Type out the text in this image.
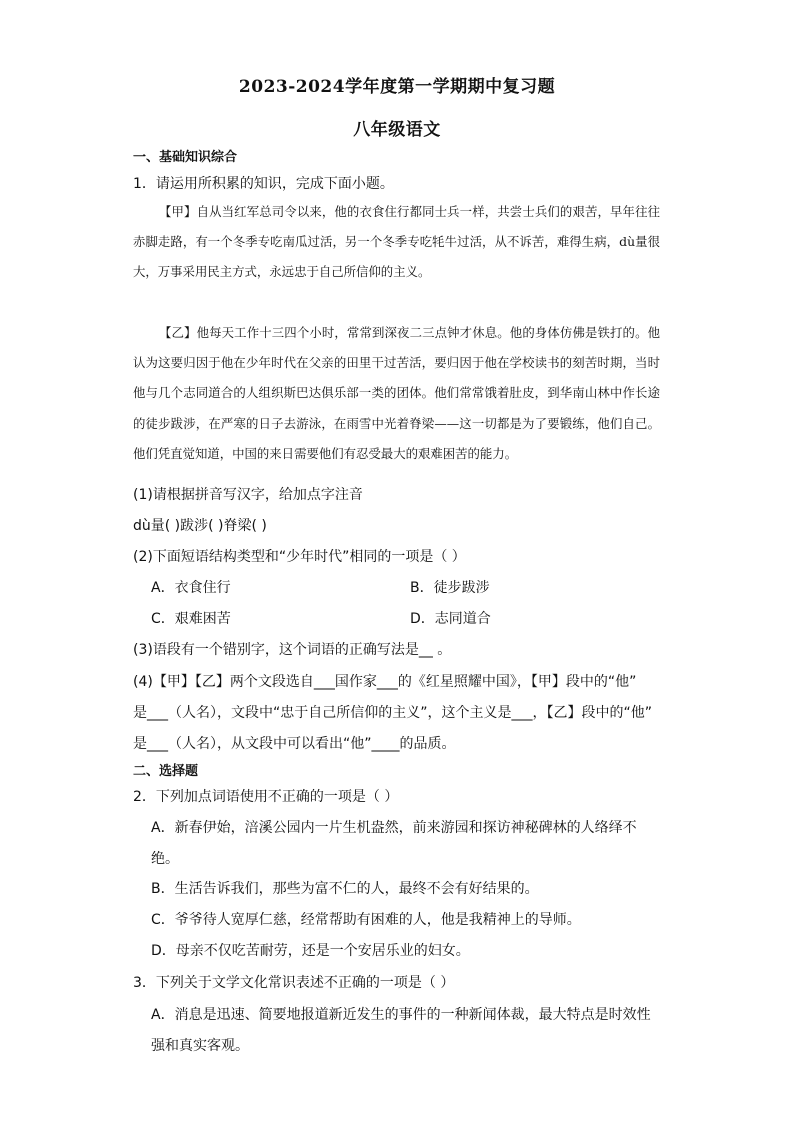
2023-2024学年度第一学期期中复习题
八年级语文
一、基础知识综合
1．请运用所积累的知识，完成下面小题。
【甲】自从当红军总司令以来，他的衣食住行都同士兵一样，共尝士兵们的艰苦，早年往往赤脚走路，有一个冬季专吃南瓜过活，另一个冬季专吃牦牛过活，从不诉苦，难得生病，dù量很大，万事采用民主方式，永远忠于自己所信仰的主义。
【乙】他每天工作十三四个小时，常常到深夜二三点钟才休息。他的身体仿佛是铁打的。他认为这要归因于他在少年时代在父亲的田里干过苦活，要归因于他在学校读书的刻苦时期，当时他与几个志同道合的人组织斯巴达俱乐部一类的团体。他们常常饿着肚皮，到华南山林中作长途的徒步跋涉，在严寒的日子去游泳，在雨雪中光着脊梁——这一切都是为了要锻练，他们自己。他们凭直觉知道，中国的来日需要他们有忍受最大的艰难困苦的能力。
(1)请根据拼音写汉字，给加点字注音
dù量( )跋涉( )脊梁( )
(2)下面短语结构类型和“少年时代”相同的一项是（ ）
A．衣食住行	B．徒步跋涉
C．艰难困苦	D．志同道合
(3)语段有一个错别字，这个词语的正确写法是__ 。
(4)【甲】【乙】两个文段选自___国作家___的《红星照耀中国》，【甲】段中的“他”
是___（人名），文段中“忠于自己所信仰的主义”，这个主义是___，【乙】段中的“他”
是___（人名），从文段中可以看出“他”____的品质。
二、选择题
2．下列加点词语使用不正确的一项是（ ）
A．新春伊始，涪溪公园内一片生机盎然，前来游园和探访神秘碑林的人络绎不
绝。
B．生活告诉我们，那些为富不仁的人，最终不会有好结果的。
C．爷爷待人宽厚仁慈，经常帮助有困难的人，他是我精神上的导师。
D．母亲不仅吃苦耐劳，还是一个安居乐业的妇女。
3．下列关于文学文化常识表述不正确的一项是（ ）
A．消息是迅速、简要地报道新近发生的事件的一种新闻体裁，最大特点是时效性
强和真实客观。
